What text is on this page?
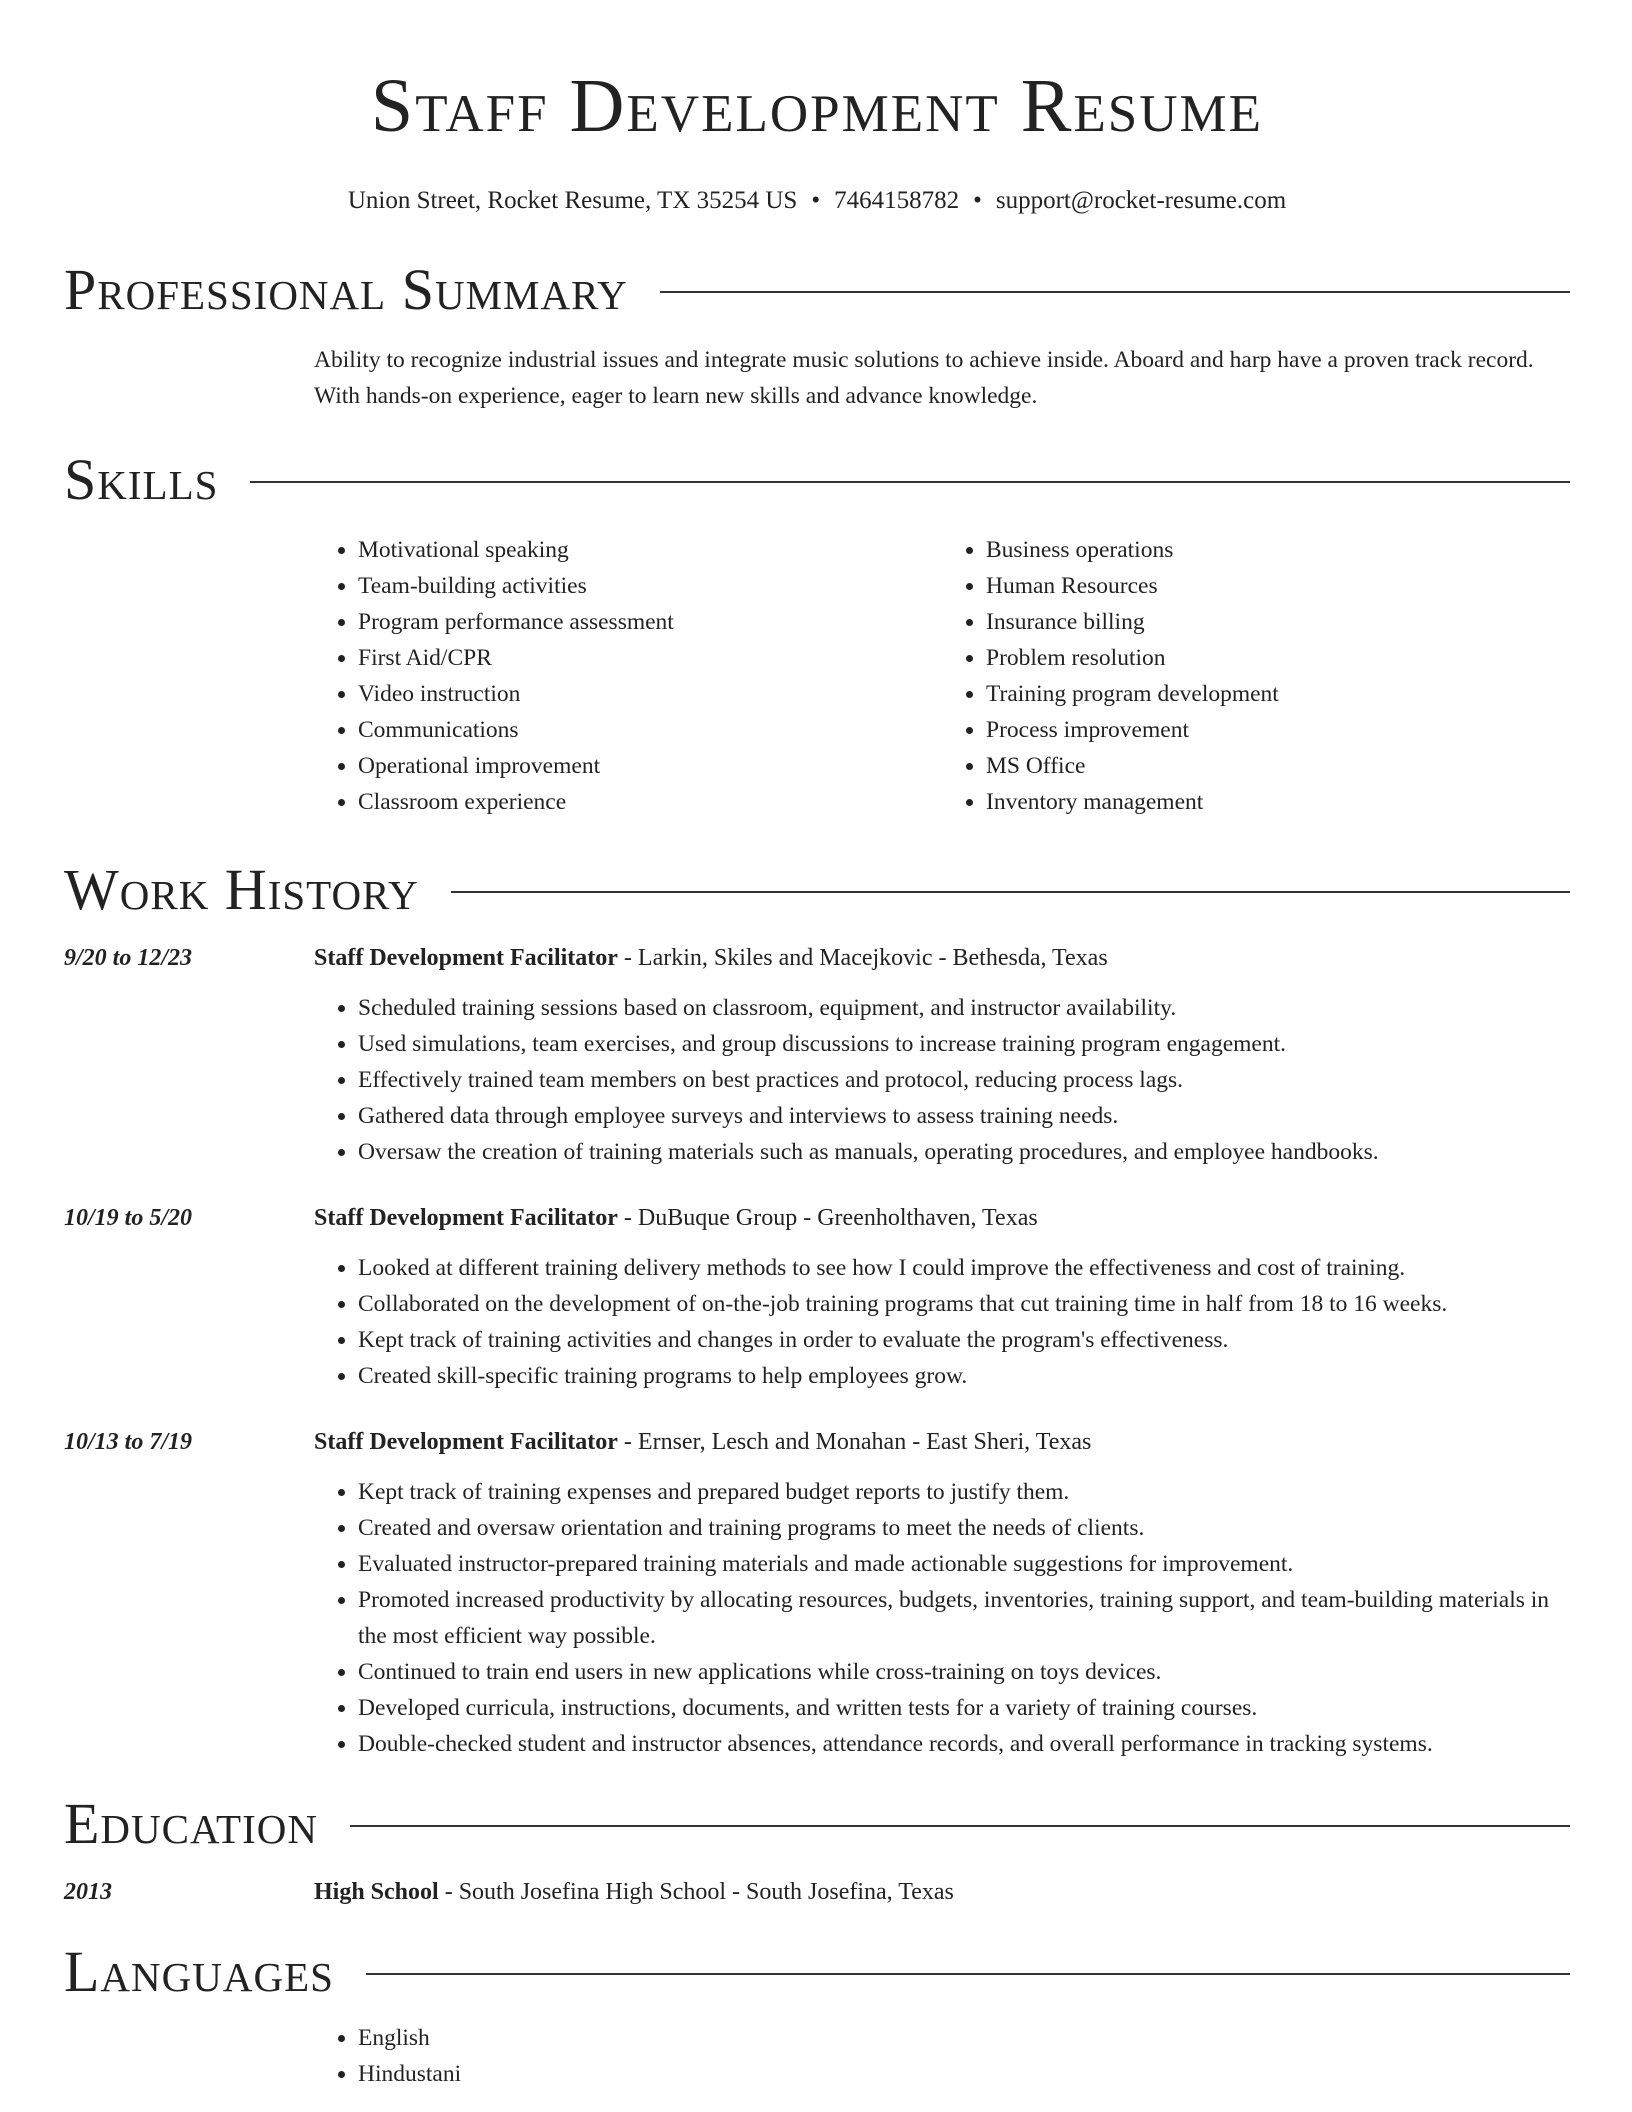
Staff Development Resume
Union Street, Rocket Resume, TX 35254 US • 7464158782 • support@rocket-resume.com
Professional Summary
Ability to recognize industrial issues and integrate music solutions to achieve inside. Aboard and harp have a proven track record. With hands-on experience, eager to learn new skills and advance knowledge.
Skills
• Motivational speaking
• Team-building activities
• Program performance assessment
• First Aid/CPR
• Video instruction
• Communications
• Operational improvement
• Classroom experience
• Business operations
• Human Resources
• Insurance billing
• Problem resolution
• Training program development
• Process improvement
• MS Office
• Inventory management
Work History
9/20 to 12/23	Staff Development Facilitator - Larkin, Skiles and Macejkovic - Bethesda, Texas
• Scheduled training sessions based on classroom, equipment, and instructor availability.
• Used simulations, team exercises, and group discussions to increase training program engagement.
• Effectively trained team members on best practices and protocol, reducing process lags.
• Gathered data through employee surveys and interviews to assess training needs.
• Oversaw the creation of training materials such as manuals, operating procedures, and employee handbooks.
10/19 to 5/20	Staff Development Facilitator - DuBuque Group - Greenholthaven, Texas
• Looked at different training delivery methods to see how I could improve the effectiveness and cost of training.
• Collaborated on the development of on-the-job training programs that cut training time in half from 18 to 16 weeks.
• Kept track of training activities and changes in order to evaluate the program's effectiveness.
• Created skill-specific training programs to help employees grow.
10/13 to 7/19	Staff Development Facilitator - Ernser, Lesch and Monahan - East Sheri, Texas
• Kept track of training expenses and prepared budget reports to justify them.
• Created and oversaw orientation and training programs to meet the needs of clients.
• Evaluated instructor-prepared training materials and made actionable suggestions for improvement.
• Promoted increased productivity by allocating resources, budgets, inventories, training support, and team-building materials in the most efficient way possible.
• Continued to train end users in new applications while cross-training on toys devices.
• Developed curricula, instructions, documents, and written tests for a variety of training courses.
• Double-checked student and instructor absences, attendance records, and overall performance in tracking systems.
Education
2013	High School - South Josefina High School - South Josefina, Texas
Languages
• English
• Hindustani
